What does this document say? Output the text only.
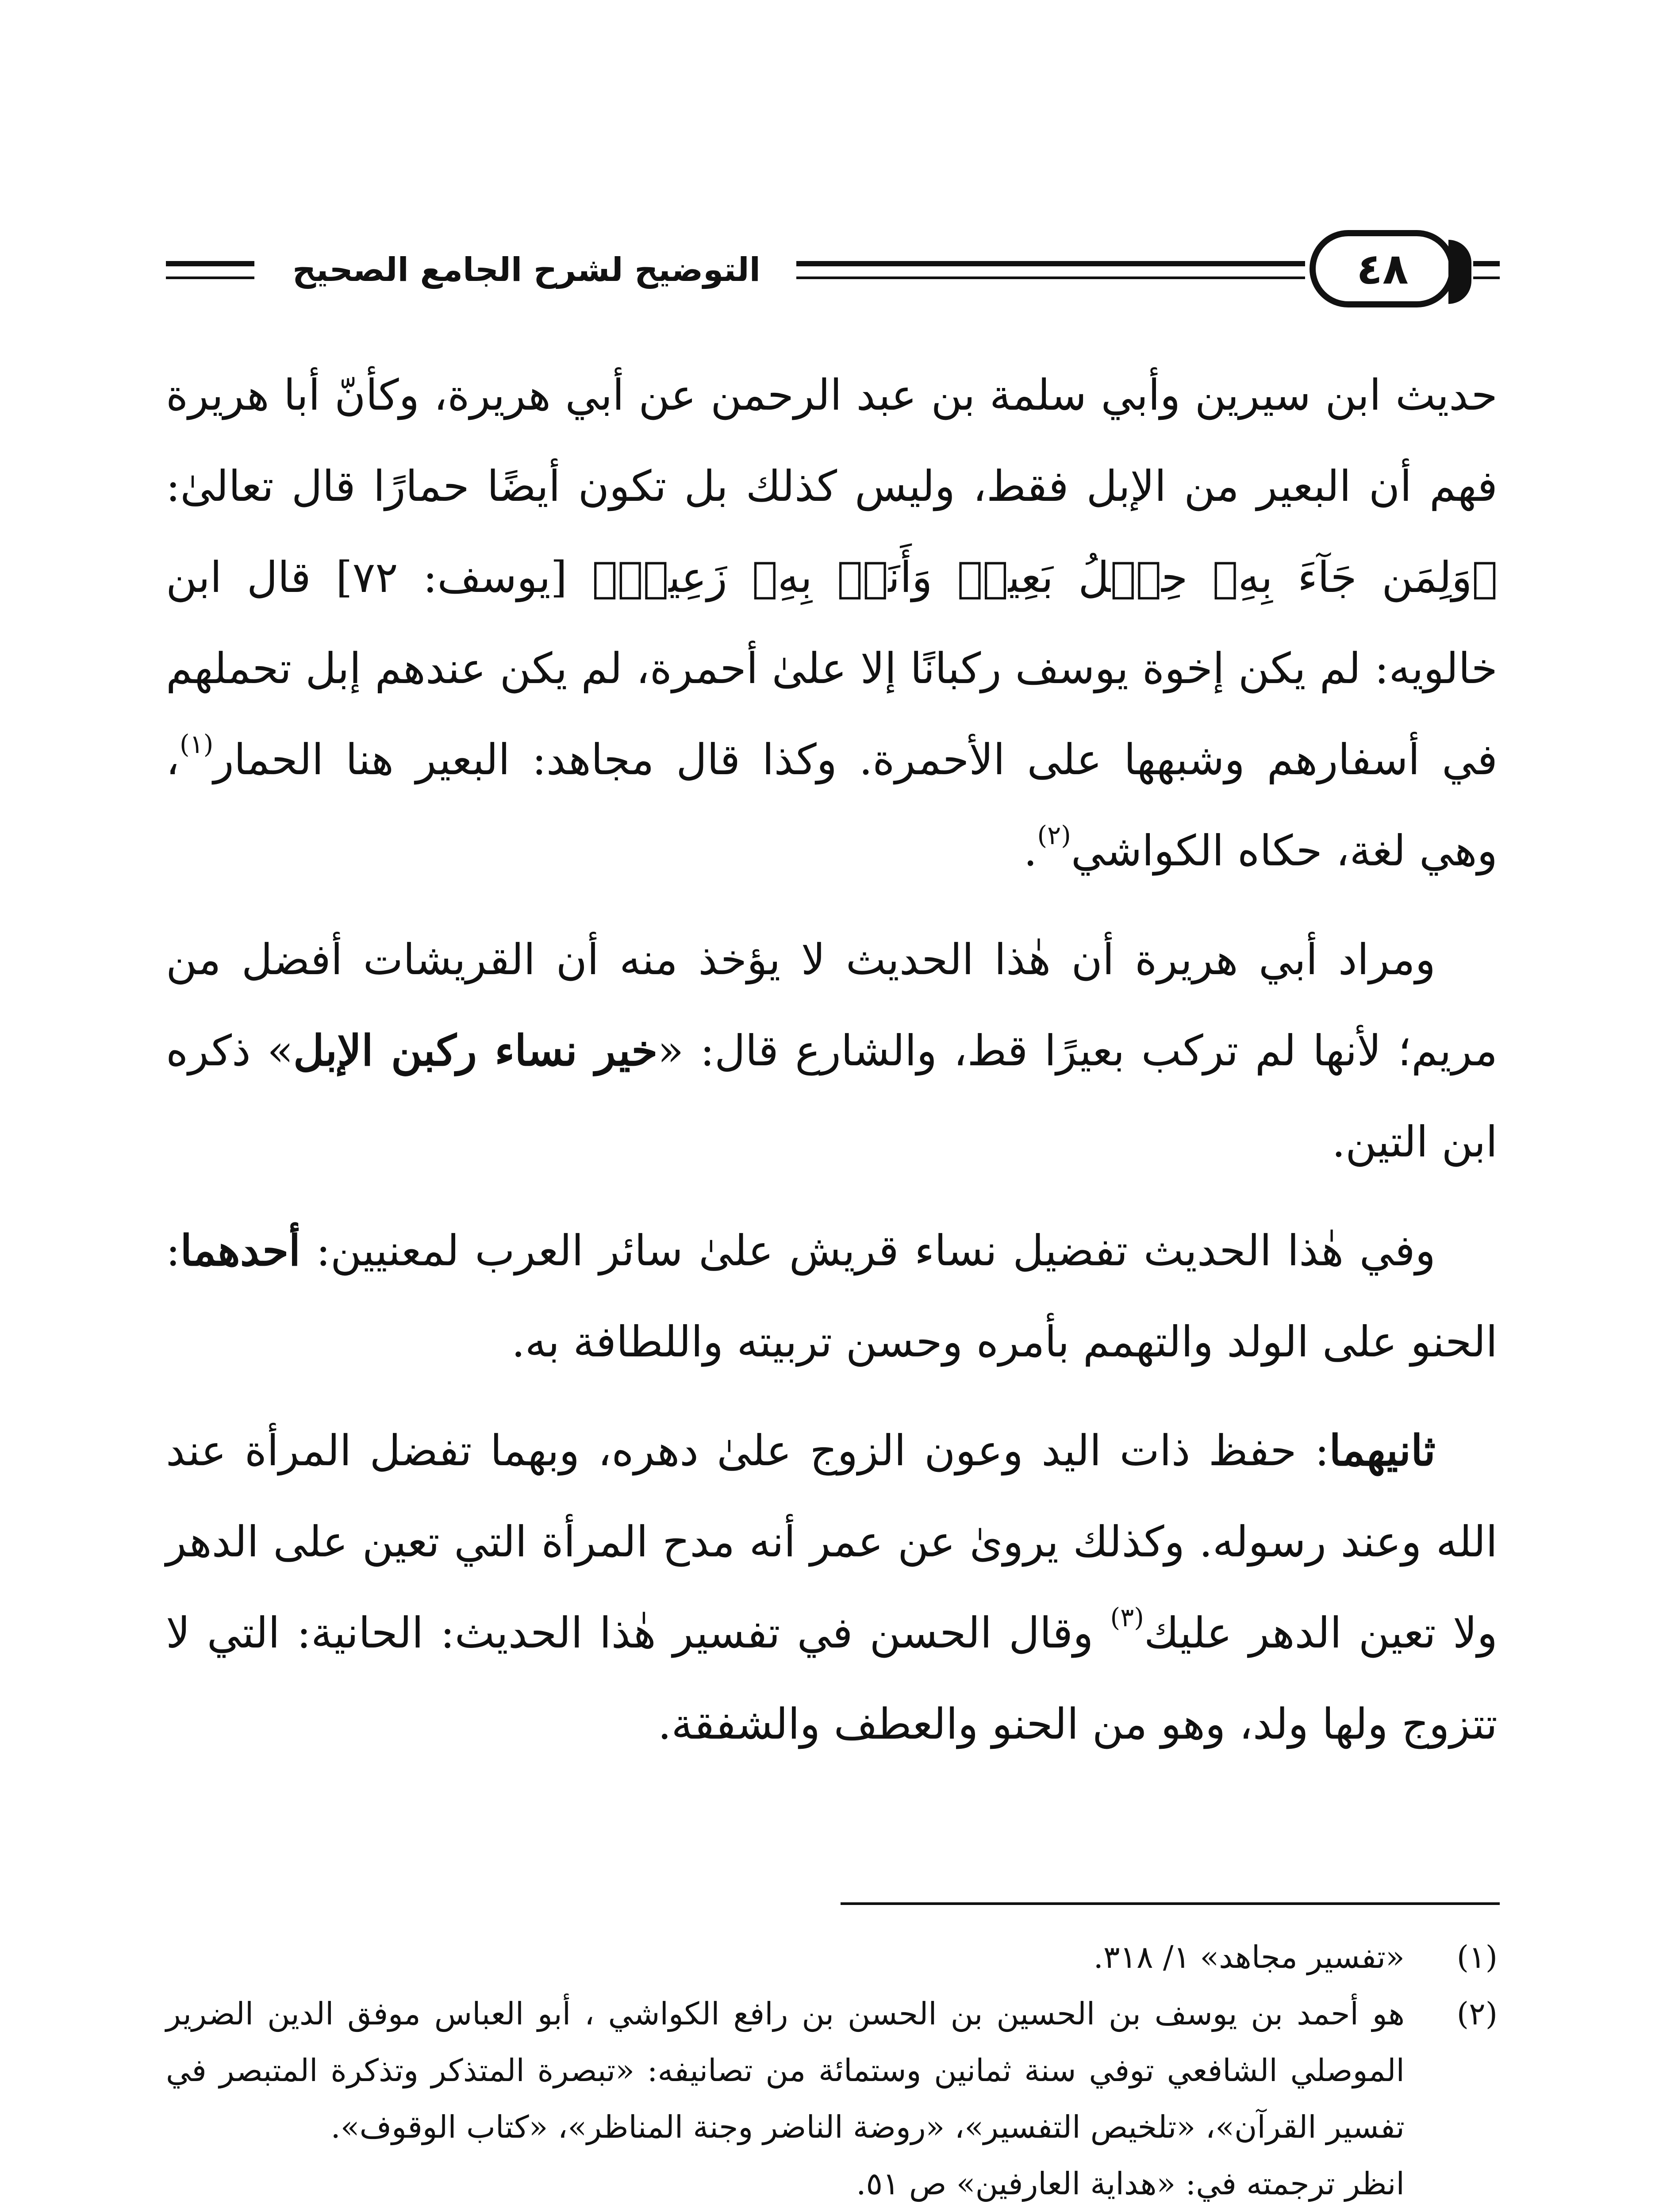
٤٨
التوضيح لشرح الجامع الصحيح

حديث ابن سيرين وأبي سلمة بن عبد الرحمن عن أبي هريرة، وكأنّ أبا هريرة فهم أن البعير من الإبل فقط، وليس كذلك بل تكون أيضًا حمارًا قال تعالىٰ: ﴿وَلِمَن جَآءَ بِهِۦ حِمۡلُ بَعِيرٖ وَأَنَا۠ بِهِۦ زَعِيمٞ﴾ [يوسف: ٧٢] قال ابن خالويه: لم يكن إخوة يوسف ركبانًا إلا علىٰ أحمرة، لم يكن عندهم إبل تحملهم في أسفارهم وشبهها على الأحمرة. وكذا قال مجاهد: البعير هنا الحمار$^{(١)}$، وهي لغة، حكاه الكواشي$^{(٢)}$.

ومراد أبي هريرة أن هٰذا الحديث لا يؤخذ منه أن القريشات أفضل من مريم؛ لأنها لم تركب بعيرًا قط، والشارع قال: «خير نساء ركبن الإبل» ذكره ابن التين.

وفي هٰذا الحديث تفضيل نساء قريش علىٰ سائر العرب لمعنيين: أحدهما: الحنو على الولد والتهمم بأمره وحسن تربيته واللطافة به.

ثانيهما: حفظ ذات اليد وعون الزوج علىٰ دهره، وبهما تفضل المرأة عند الله وعند رسوله. وكذلك يروىٰ عن عمر أنه مدح المرأة التي تعين على الدهر ولا تعين الدهر عليك$^{(٣)}$ وقال الحسن في تفسير هٰذا الحديث: الحانية: التي لا تتزوج ولها ولد، وهو من الحنو والعطف والشفقة.

(١)
«تفسير مجاهد» ١/ ٣١٨.
(٢)
هو أحمد بن يوسف بن الحسين بن الحسن بن رافع الكواشي ، أبو العباس موفق الدين الضرير الموصلي الشافعي توفي سنة ثمانين وستمائة من تصانيفه: «تبصرة المتذكر وتذكرة المتبصر في تفسير القرآن»، «تلخيص التفسير»، «روضة الناضر وجنة المناظر»، «كتاب الوقوف».
انظر ترجمته في: «هداية العارفين» ص ٥١.
